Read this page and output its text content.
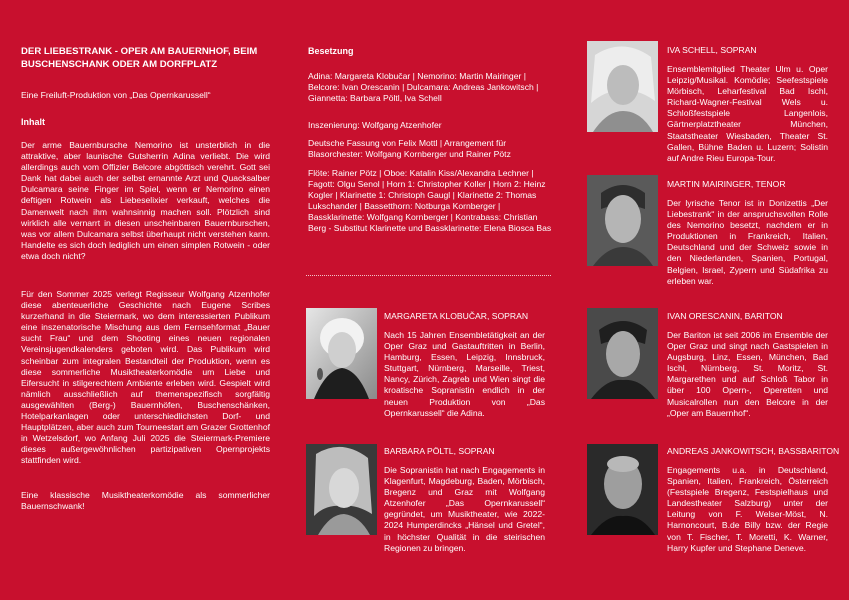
DER LIEBESTRANK - OPER AM BAUERNHOF, BEIM BUSCHENSCHANK ODER AM DORFPLATZ
Eine Freiluft-Produktion von „Das Opernkarussell“
Inhalt
Der arme Bauernbursche Nemorino ist unsterblich in die attraktive, aber launische Gutsherrin Adina verliebt. Die wird allerdings auch vom Offizier Belcore abgöttisch verehrt. Gott sei Dank hat dabei auch der selbst ernannte Arzt und Quacksalber Dulcamara seine Finger im Spiel, wenn er Nemorino einen deftigen Rotwein als Liebeselixier verkauft, welches die Damenwelt nach ihm wahnsinnig machen soll. Plötzlich sind wirklich alle vernarrt in diesen unscheinbaren Bauernburschen, was vor allem Dulcamara selbst überhaupt nicht verstehen kann. Handelte es sich doch lediglich um einen simplen Rotwein - oder etwa doch nicht?
Für den Sommer 2025 verlegt Regisseur Wolfgang Atzenhofer diese abenteuerliche Geschichte nach Eugene Scribes kurzerhand in die Steiermark, wo dem interessierten Publikum eine inszenatorische Mischung aus dem Fernsehformat „Bauer sucht Frau“ und dem Shooting eines neuen regionalen Vereinsjugendkalenders geboten wird. Das Publikum wird scheinbar zum integralen Bestandteil der Produktion, wenn es diese sommerliche Musiktheaterkomödie um Liebe und Eifersucht in stilgerechtem Ambiente erleben wird. Gespielt wird nämlich ausschließlich auf themenspezifisch sorgfältig ausgewählten (Berg-) Bauernhöfen, Buschenschänken, Hotelparkanlagen oder unterschiedlichsten Dorf- und Hauptplätzen, aber auch zum Tourneestart am Grazer Grottenhof in Wetzelsdorf, wo Anfang Juli 2025 die Steiermark-Premiere dieses außergewöhnlichen partizipativen Opernprojekts stattfinden wird.
Eine klassische Musiktheaterkomödie als sommerlicher Bauernschwank!
Besetzung
Adina: Margareta Klobučar | Nemorino: Martin Mairinger | Belcore: Ivan Orescanin | Dulcamara: Andreas Jankowitsch | Giannetta: Barbara Pöltl, Iva Schell
Inszenierung: Wolfgang Atzenhofer
Deutsche Fassung von Felix Mottl | Arrangement für Blasorchester: Wolfgang Kornberger und Rainer Pötz
Flöte: Rainer Pötz | Oboe: Katalin Kiss/Alexandra Lechner | Fagott: Olgu Senol | Horn 1: Christopher Koller | Horn 2: Heinz Kogler | Klarinette 1: Christoph Gaugl | Klarinette 2: Thomas Lukschander | Bassetthorn: Notburga Kornberger | Bassklarinette: Wolfgang Kornberger | Kontrabass: Christian Berg - Substitut Klarinette und Bassklarinette: Elena Biosca Bas
MARGARETA KLOBUČAR, SOPRAN
Nach 15 Jahren Ensembletätigkeit an der Oper Graz und Gastauftritten in Berlin, Hamburg, Essen, Leipzig, Innsbruck, Stuttgart, Nürnberg, Marseille, Triest, Nancy, Zürich, Zagreb und Wien singt die kroatische Sopranistin endlich in der neuen Produktion von „Das Opernkarussell“ die Adina.
BARBARA PÖLTL, SOPRAN
Die Sopranistin hat nach Engagements in Klagenfurt, Magdeburg, Baden, Mörbisch, Bregenz und Graz mit Wolfgang Atzenhofer „Das Opernkarussell“ gegründet, um Musiktheater, wie 2022-2024 Humperdincks „Hänsel und Gretel“, in höchster Qualität in die steirischen Regionen zu bringen.
IVA SCHELL, SOPRAN
Ensemblemitglied Theater Ulm u. Oper Leipzig/Musikal. Komödie; Seefestspiele Mörbisch, Leharfestival Bad Ischl, Richard-Wagner-Festival Wels u. Schloßfestspiele Langenlois, Gärtnerplatztheater München, Staatstheater Wiesbaden, Theater St. Gallen, Bühne Baden u. Luzern; Solistin auf Andre Rieu Europa-Tour.
MARTIN MAIRINGER, TENOR
Der lyrische Tenor ist in Donizettis „Der Liebestrank“ in der anspruchsvollen Rolle des Nemorino besetzt, nachdem er in Produktionen in Frankreich, Italien, Deutschland und der Schweiz sowie in den Niederlanden, Spanien, Portugal, Belgien, Israel, Zypern und Südafrika zu erleben war.
IVAN ORESCANIN, BARITON
Der Bariton ist seit 2006 im Ensemble der Oper Graz und singt nach Gastspielen in Augsburg, Linz, Essen, München, Bad Ischl, Nürnberg, St. Moritz, St. Margarethen und auf Schloß Tabor in über 100 Opern-, Operetten und Musicalrollen nun den Belcore in der „Oper am Bauernhof“.
ANDREAS JANKOWITSCH, BASSBARITON
Engagements u.a. in Deutschland, Spanien, Italien, Frankreich, Österreich (Festspiele Bregenz, Festspielhaus und Landestheater Salzburg) unter der Leitung von F. Welser-Möst, N. Harnoncourt, B.de Billy bzw. der Regie von T. Fischer, T. Moretti, K. Warner, Harry Kupfer und Stephane Deneve.
